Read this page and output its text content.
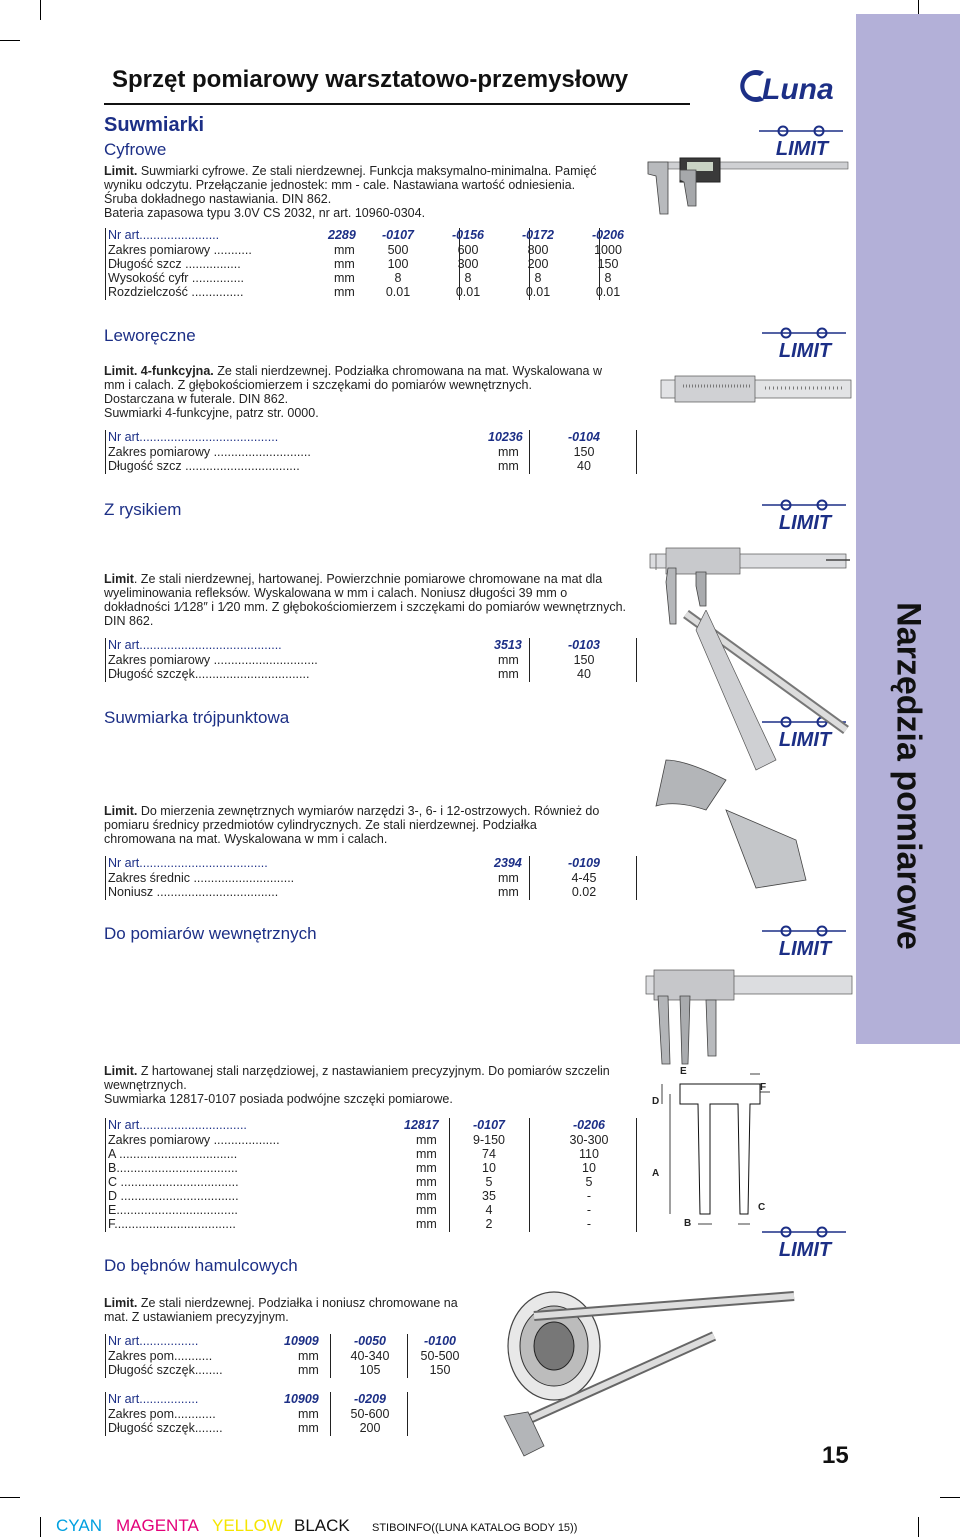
Narzędzia pomiarowe
Sprzęt pomiarowy warsztatowo-przemysłowy	Luna
LIMIT
LIMIT
LIMIT
LIMIT
LIMIT
LIMIT
Suwmiarki
Cyfrowe
Limit. Suwmiarki cyfrowe. Ze stali nierdzewnej. Funkcja maksymalno-minimalna. Pamięć
wyniku odczytu. Przełączanie jednostek: mm - cale. Nastawiana wartość odniesienia.
Śruba dokładnego nastawiania. DIN 862.
Bateria zapasowa typu 3.0V CS 2032, nr art. 10960-0304.
Nr art.......................	2289	-0107	-0156	-0172	-0206
Zakres pomiarowy ...........	mm	500	600	800	1000
Długość szcz ................	mm	100	300	200	150
Wysokość cyfr ...............	mm	8	8	8	8
Rozdzielczość ...............	mm	0.01	0.01	0.01	0.01
Leworęczne
Limit. 4-funkcyjna. Ze stali nierdzewnej. Podziałka chromowana na mat. Wyskalowana w
mm i calach. Z głębokościomierzem i szczękami do pomiarów wewnętrznych.
Dostarczana w futerale. DIN 862.
Suwmiarki 4-funkcyjne, patrz str. 0000.
Nr art........................................	10236	-0104
Zakres pomiarowy ............................	mm	150
Długość szcz .................................	mm	40
Z rysikiem
Limit. Ze stali nierdzewnej, hartowanej. Powierzchnie pomiarowe chromowane na mat dla
wyeliminowania refleksów. Wyskalowana w mm i calach. Noniusz długości 39 mm o
dokładności 1⁄128″ i 1⁄20 mm. Z głębokościomierzem i szczękami do pomiarów wewnętrznych.
DIN 862.
Nr art.........................................	3513	-0103
Zakres pomiarowy ..............................	mm	150
Długość szczęk.................................	mm	40
Suwmiarka trójpunktowa
Limit. Do mierzenia zewnętrznych wymiarów narzędzi 3-, 6- i 12-ostrzowych. Również do
pomiaru średnicy przedmiotów cylindrycznych. Ze stali nierdzewnej. Podziałka
chromowana na mat. Wyskalowana w mm i calach.
Nr art.....................................	2394	-0109
Zakres średnic .............................	mm	4-45
Noniusz ...................................	mm	0.02
Do pomiarów wewnętrznych
Limit. Z hartowanej stali narzędziowej, z nastawianiem precyzyjnym. Do pomiarów szczelin
wewnętrznych.
Suwmiarka 12817-0107 posiada podwójne szczęki pomiarowe.
Nr art...............................	12817	-0107	-0206
Zakres pomiarowy ...................	mm	9-150	30-300
A ..................................	mm	74	110
B...................................	mm	10	10
C ..................................	mm	5	5
D ..................................	mm	35	-
E...................................	mm	4	-
F...................................	mm	2	-
E
F
D
A
B
C
Do bębnów hamulcowych
Limit. Ze stali nierdzewnej. Podziałka i noniusz chromowane na
mat. Z ustawianiem precyzyjnym.
Nr art.................	10909	-0050	-0100
Zakres pom...........	mm	40-340	50-500
Długość szczęk........	mm	105	150
Nr art.................	10909	-0209
Zakres pom............	mm	50-600
Długość szczęk........	mm	200
15
CYAN MAGENTA YELLOW BLACK STIBOINFO((LUNA KATALOG BODY 15))
